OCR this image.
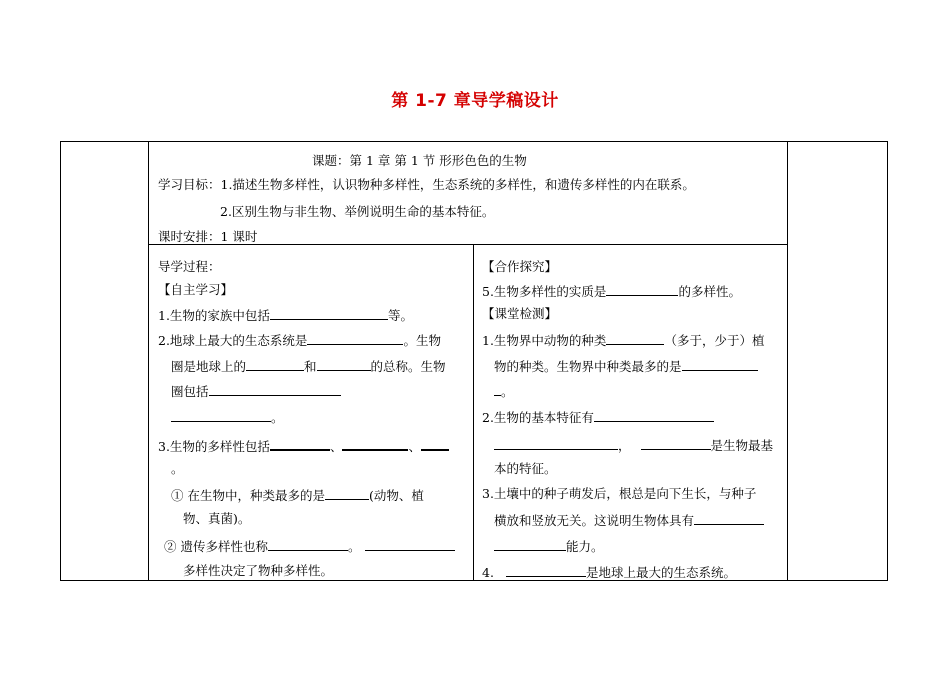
第 1-7 章导学稿设计
课题：第 1 章 第 1 节 形形色色的生物
学习目标：1.描述生物多样性，认识物种多样性，生态系统的多样性，和遗传多样性的内在联系。
2.区别生物与非生物、举例说明生命的基本特征。
课时安排：1 课时
导学过程：
【自主学习】
1.生物的家族中包括	等。
2.地球上最大的生态系统是	。生物
圈是地球上的	和	的总称。生物
圈包括
。
3.生物的多样性包括	、	、
。
① 在生物中，种类最多的是	(动物、植
物、真菌)。
② 遗传多样性也称	。
多样性决定了物种多样性。
【合作探究】
5.生物多样性的实质是	的多样性。
【课堂检测】
1.生物界中动物的种类	（多于，少于）植
物的种类。生物界中种类最多的是
。
2.生物的基本特征有
，	是生物最基
本的特征。
3.土壤中的种子萌发后，根总是向下生长，与种子
横放和竖放无关。这说明生物体具有
能力。
4.	是地球上最大的生态系统。
